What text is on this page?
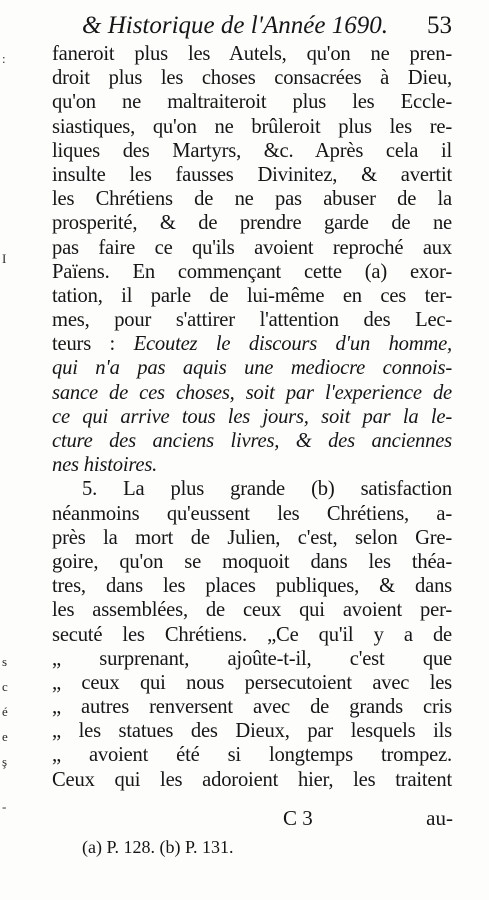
:
I
s
c
é
e
ş
-
& Historique de l'Année 1690. 53
faneroit plus les Autels, qu'on ne pren-
droit plus les choses consacrées à Dieu,
qu'on ne maltraiteroit plus les Eccle-
siastiques, qu'on ne brûleroit plus les re-
liques des Martyrs, &c. Après cela il
insulte les fausses Divinitez, & avertit
les Chrétiens de ne pas abuser de la
prosperité, & de prendre garde de ne
pas faire ce qu'ils avoient reproché aux
Païens. En commençant cette (a) exor-
tation, il parle de lui-même en ces ter-
mes, pour s'attirer l'attention des Lec-
teurs : Ecoutez le discours d'un homme,
qui n'a pas aquis une mediocre connois-
sance de ces choses, soit par l'experience de
ce qui arrive tous les jours, soit par la le-
cture des anciens livres, & des anciennes
nes histoires.
5. La plus grande (b) satisfaction
néanmoins qu'eussent les Chrétiens, a-
près la mort de Julien, c'est, selon Gre-
goire, qu'on se moquoit dans les théa-
tres, dans les places publiques, & dans
les assemblées, de ceux qui avoient per-
secuté les Chrétiens. „Ce qu'il y a de
„ surprenant, ajoûte-t-il, c'est que
„ ceux qui nous persecutoient avec les
„ autres renversent avec de grands cris
„ les statues des Dieux, par lesquels ils
„ avoient été si longtemps trompez.
Ceux qui les adoroient hier, les traitent
C 3	au-
(a) P. 128. (b) P. 131.
